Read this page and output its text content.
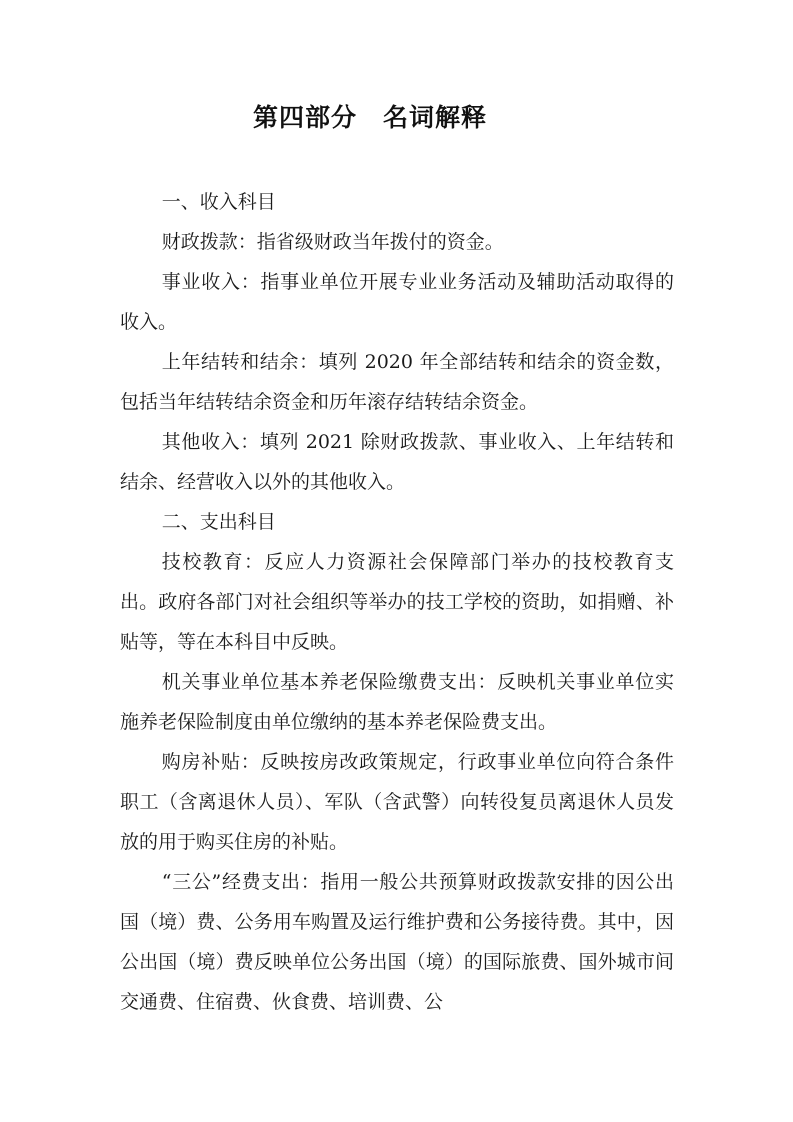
第四部分　名词解释

一、收入科目

财政拨款：指省级财政当年拨付的资金。

事业收入：指事业单位开展专业业务活动及辅助活动取得的收入。

上年结转和结余：填列 2020 年全部结转和结余的资金数，包括当年结转结余资金和历年滚存结转结余资金。

其他收入：填列 2021 除财政拨款、事业收入、上年结转和结余、经营收入以外的其他收入。

二、支出科目

技校教育：反应人力资源社会保障部门举办的技校教育支出。政府各部门对社会组织等举办的技工学校的资助，如捐赠、补贴等，等在本科目中反映。

机关事业单位基本养老保险缴费支出：反映机关事业单位实施养老保险制度由单位缴纳的基本养老保险费支出。

购房补贴：反映按房改政策规定，行政事业单位向符合条件职工（含离退休人员）、军队（含武警）向转役复员离退休人员发放的用于购买住房的补贴。

“三公”经费支出：指用一般公共预算财政拨款安排的因公出国（境）费、公务用车购置及运行维护费和公务接待费。其中，因公出国（境）费反映单位公务出国（境）的国际旅费、国外城市间交通费、住宿费、伙食费、培训费、公
